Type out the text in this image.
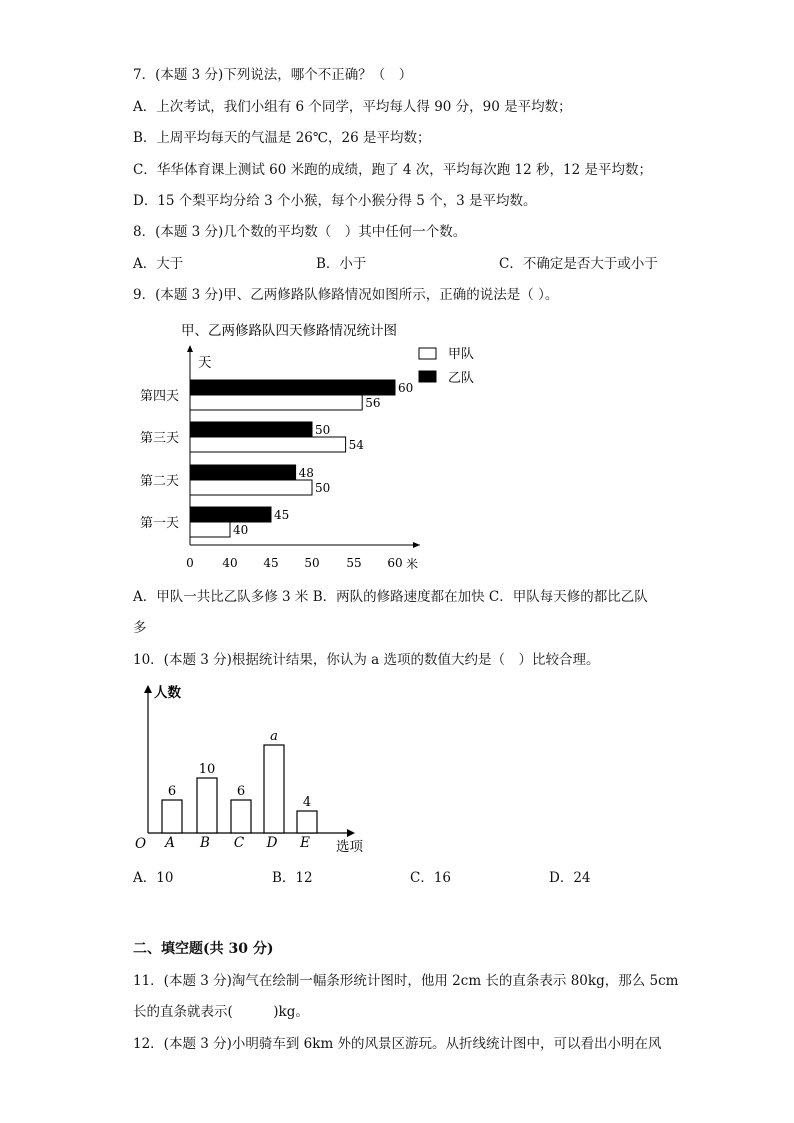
7．(本题 3 分)下列说法，哪个不正确？（　）
A．上次考试，我们小组有 6 个同学，平均每人得 90 分，90 是平均数；
B．上周平均每天的气温是 26℃，26 是平均数；
C．华华体育课上测试 60 米跑的成绩，跑了 4 次，平均每次跑 12 秒，12 是平均数；
D．15 个梨平均分给 3 个小猴，每个小猴分得 5 个，3 是平均数。
8．(本题 3 分)几个数的平均数（　）其中任何一个数。
A．大于	B．小于	C．不确定是否大于或小于
9．(本题 3 分)甲、乙两修路队修路情况如图所示，正确的说法是（ ）。
甲、乙两修路队四天修路情况统计图
天
米
甲队
乙队
45
40
48
50
50
54
60
56
第一天
第二天
第三天
第四天
0 40 45 50 55 60
A．甲队一共比乙队多修 3 米 B．两队的修路速度都在加快 C．甲队每天修的都比乙队
多
10．(本题 3 分)根据统计结果，你认为 a 选项的数值大约是（　）比较合理。
人数
选项
O
6
A
10
B
6
C
a
D
4
E
A．10	B．12	C．16	D．24
二、填空题(共 30 分)
11．(本题 3 分)淘气在绘制一幅条形统计图时，他用 2cm 长的直条表示 80kg，那么 5cm
长的直条就表示(　　　)kg。
12．(本题 3 分)小明骑车到 6km 外的风景区游玩。从折线统计图中，可以看出小明在风
